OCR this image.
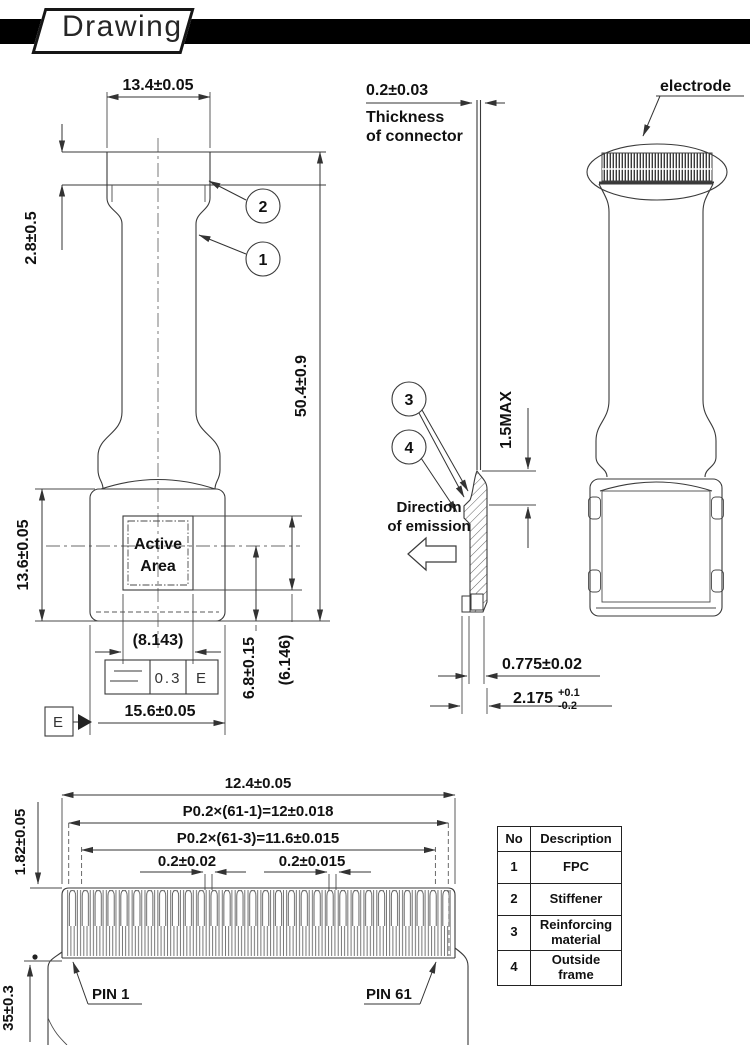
Drawing
13.4±0.05
2.8±0.5
50.4±0.9
13.6±0.05
(8.143)
0.3 E
15.6±0.05
E
6.8±0.15 (6.146)
Active
Area
2
1
0.2±0.03
Thickness
of connector
3
4	1.5MAX
Direction
of emission
0.775±0.02
2.175 +0.1
-0.2
electrode
12.4±0.05
P0.2×(61-1)=12±0.018
P0.2×(61-3)=11.6±0.015
0.2±0.02	0.2±0.015
1.82±0.05
35±0.3	PIN 1	PIN 61
No	Description
1	FPC
2	Stiffener
3	Reinforcing material
4	Outside frame
